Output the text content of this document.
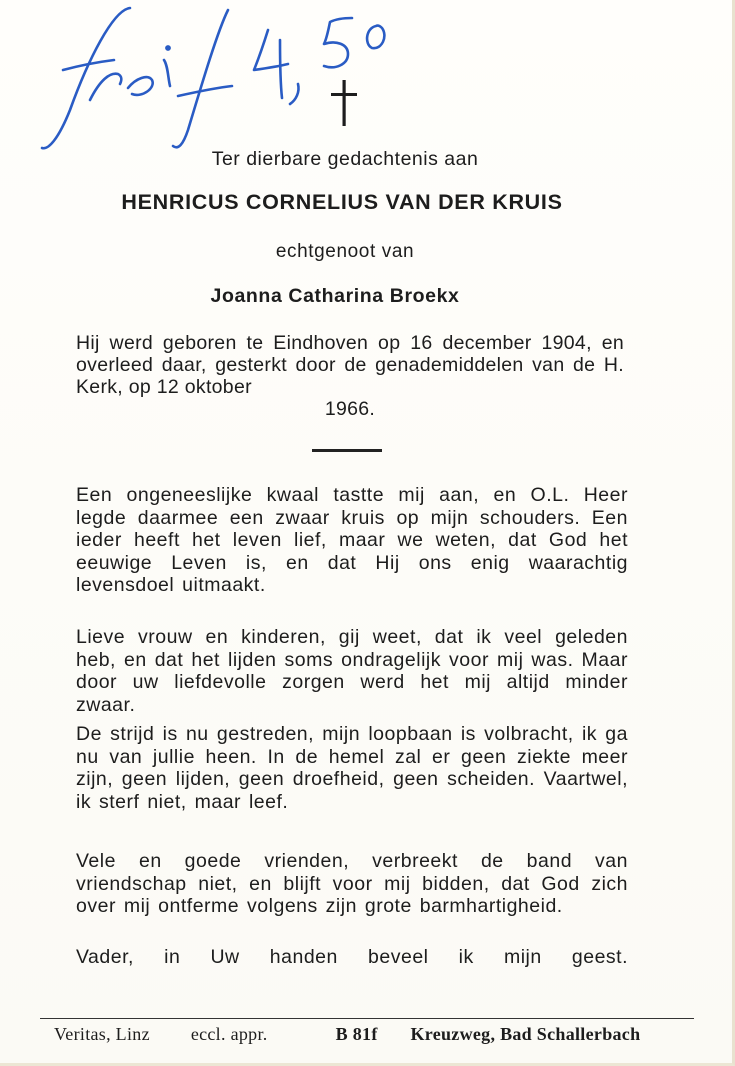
Ter dierbare gedachtenis aan
HENRICUS CORNELIUS VAN DER KRUIS
echtgenoot van
Joanna Catharina Broekx
Hij werd geboren te Eindhoven op 16 december 1904, en overleed daar, gesterkt door de genademiddelen van de H. Kerk, op 12 oktober
1966.
Een ongeneeslijke kwaal tastte mij aan, en O.L. Heer legde daarmee een zwaar kruis op mijn schouders. Een ieder heeft het leven lief, maar we weten, dat God het eeuwige Leven is, en dat Hij ons enig waarachtig levensdoel uitmaakt.
Lieve vrouw en kinderen, gij weet, dat ik veel geleden heb, en dat het lijden soms ondragelijk voor mij was. Maar door uw liefdevolle zorgen werd het mij altijd minder zwaar.
De strijd is nu gestreden, mijn loopbaan is volbracht, ik ga nu van jullie heen. In de hemel zal er geen ziekte meer zijn, geen lijden, geen droefheid, geen scheiden. Vaartwel, ik sterf niet, maar leef.
Vele en goede vrienden, verbreekt de band van vriendschap niet, en blijft voor mij bidden, dat God zich over mij ontferme volgens zijn grote barmhartigheid.
Vader, in Uw handen beveel ik mijn geest.
Veritas, Linz eccl. appr.	B 81f Kreuzweg, Bad Schallerbach
